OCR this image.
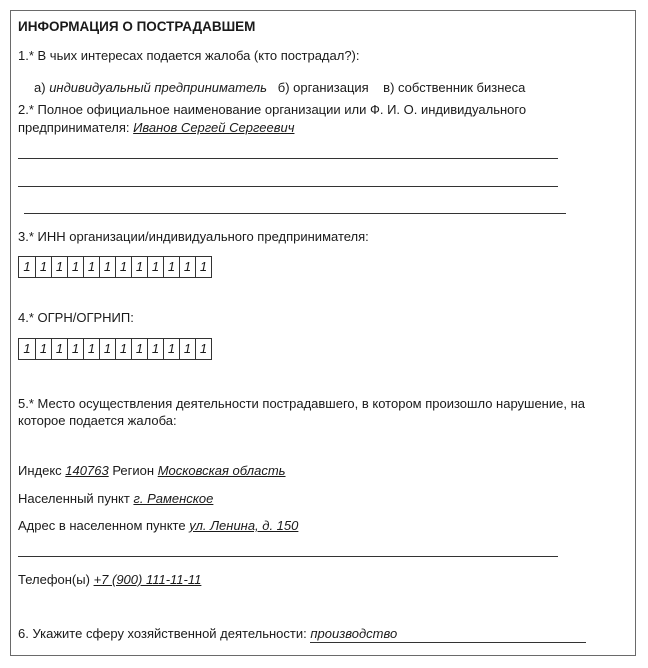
ИНФОРМАЦИЯ О ПОСТРАДАВШЕМ
1.* В чьих интересах подается жалоба (кто пострадал?):
а) индивидуальный предприниматель б) организация в) собственник бизнеса
2.* Полное официальное наименование организации или Ф. И. О. индивидуального
предпринимателя: Иванов Сергей Сергеевич
3.* ИНН организации/индивидуального предпринимателя:
1 1 1 1 1 1 1 1 1 1 1 1
4.* ОГРН/ОГРНИП:
1 1 1 1 1 1 1 1 1 1 1 1
5.* Место осуществления деятельности пострадавшего, в котором произошло нарушение, на
которое подается жалоба:
Индекс 140763 Регион Московская область
Населенный пункт г. Раменское
Адрес в населенном пункте ул. Ленина, д. 150
Телефон(ы) +7 (900) 111-11-11
6. Укажите сферу хозяйственной деятельности: производство
